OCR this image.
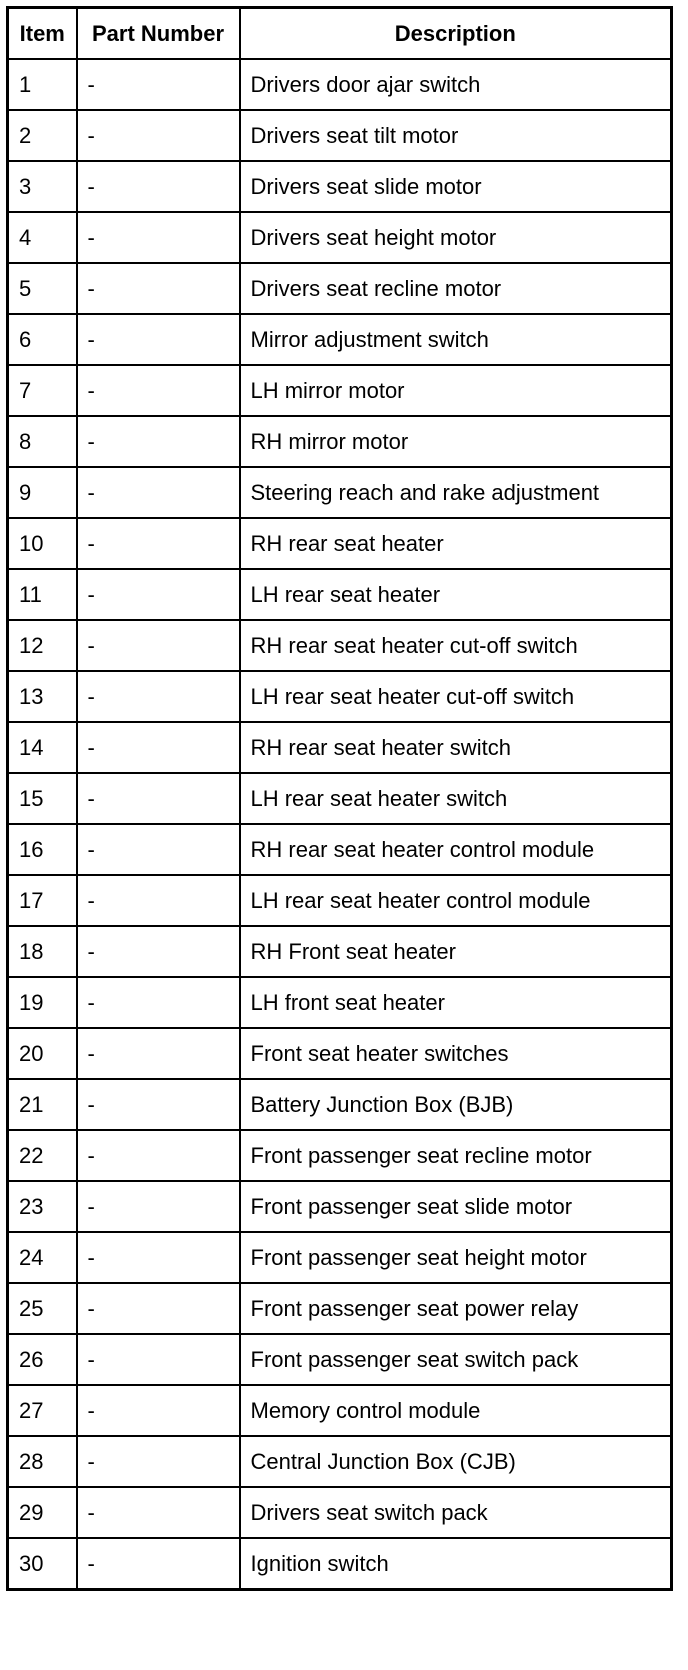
Item	Part Number	Description
1	-	Drivers door ajar switch
2	-	Drivers seat tilt motor
3	-	Drivers seat slide motor
4	-	Drivers seat height motor
5	-	Drivers seat recline motor
6	-	Mirror adjustment switch
7	-	LH mirror motor
8	-	RH mirror motor
9	-	Steering reach and rake adjustment
10	-	RH rear seat heater
11	-	LH rear seat heater
12	-	RH rear seat heater cut-off switch
13	-	LH rear seat heater cut-off switch
14	-	RH rear seat heater switch
15	-	LH rear seat heater switch
16	-	RH rear seat heater control module
17	-	LH rear seat heater control module
18	-	RH Front seat heater
19	-	LH front seat heater
20	-	Front seat heater switches
21	-	Battery Junction Box (BJB)
22	-	Front passenger seat recline motor
23	-	Front passenger seat slide motor
24	-	Front passenger seat height motor
25	-	Front passenger seat power relay
26	-	Front passenger seat switch pack
27	-	Memory control module
28	-	Central Junction Box (CJB)
29	-	Drivers seat switch pack
30	-	Ignition switch
